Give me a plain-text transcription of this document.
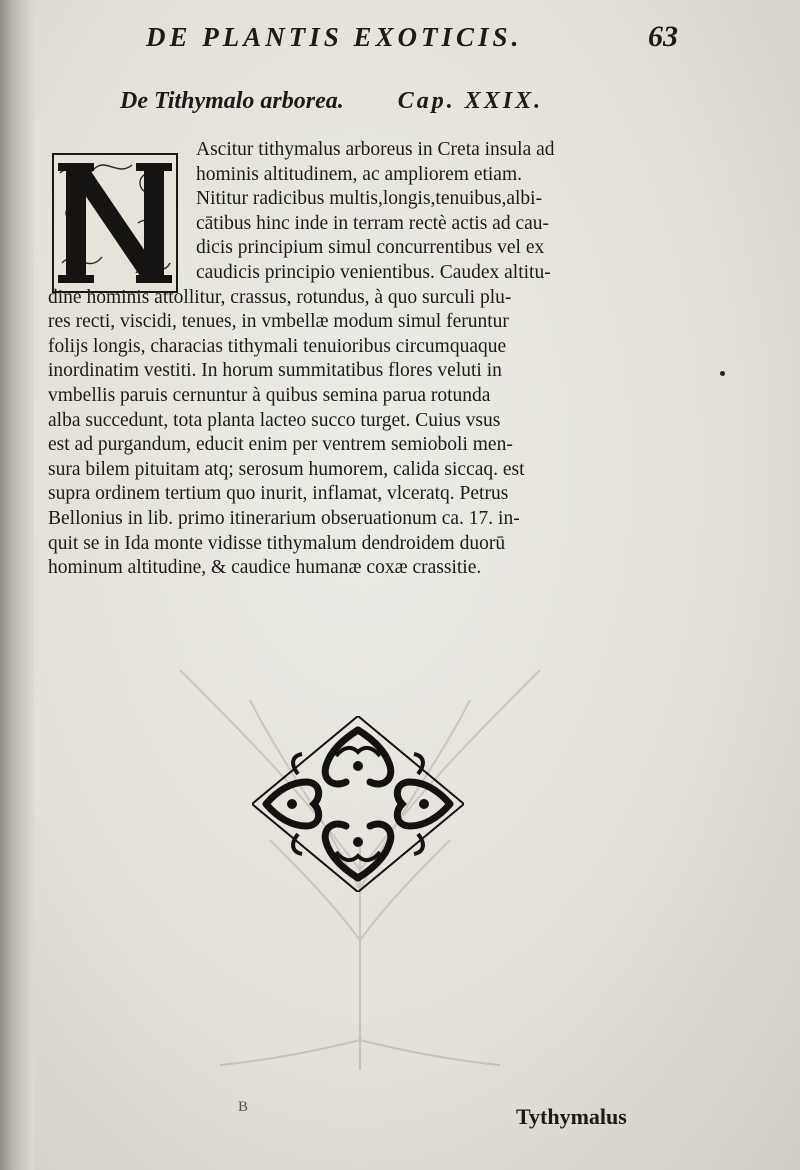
DE PLANTIS EXOTICIS.	63
De Tithymalo arborea. Cap. XXIX.
Ascitur tithymalus arboreus in Creta insula ad
hominis altitudinem, ac ampliorem etiam.
Nititur radicibus multis,longis,tenuibus,albi-
cātibus hinc inde in terram rectè actis ad cau-
dicis principium simul concurrentibus vel ex
caudicis principio venientibus. Caudex altitu-
dine hominis attollitur, crassus, rotundus, à quo surculi plu-
res recti, viscidi, tenues, in vmbellæ modum simul feruntur
folijs longis, characias tithymali tenuioribus circumquaque
inordinatim vestiti. In horum summitatibus flores veluti in
vmbellis paruis cernuntur à quibus semina parua rotunda
alba succedunt, tota planta lacteo succo turget. Cuius vsus
est ad purgandum, educit enim per ventrem semioboli men-
sura bilem pituitam atq; serosum humorem, calida siccaq. est
supra ordinem tertium quo inurit, inflamat, vlceratq. Petrus
Bellonius in lib. primo itinerarium obseruationum ca. 17. in-
quit se in Ida monte vidisse tithymalum dendroidem duorū
hominum altitudine, & caudice humanæ coxæ crassitie.
B	Tythymalus
